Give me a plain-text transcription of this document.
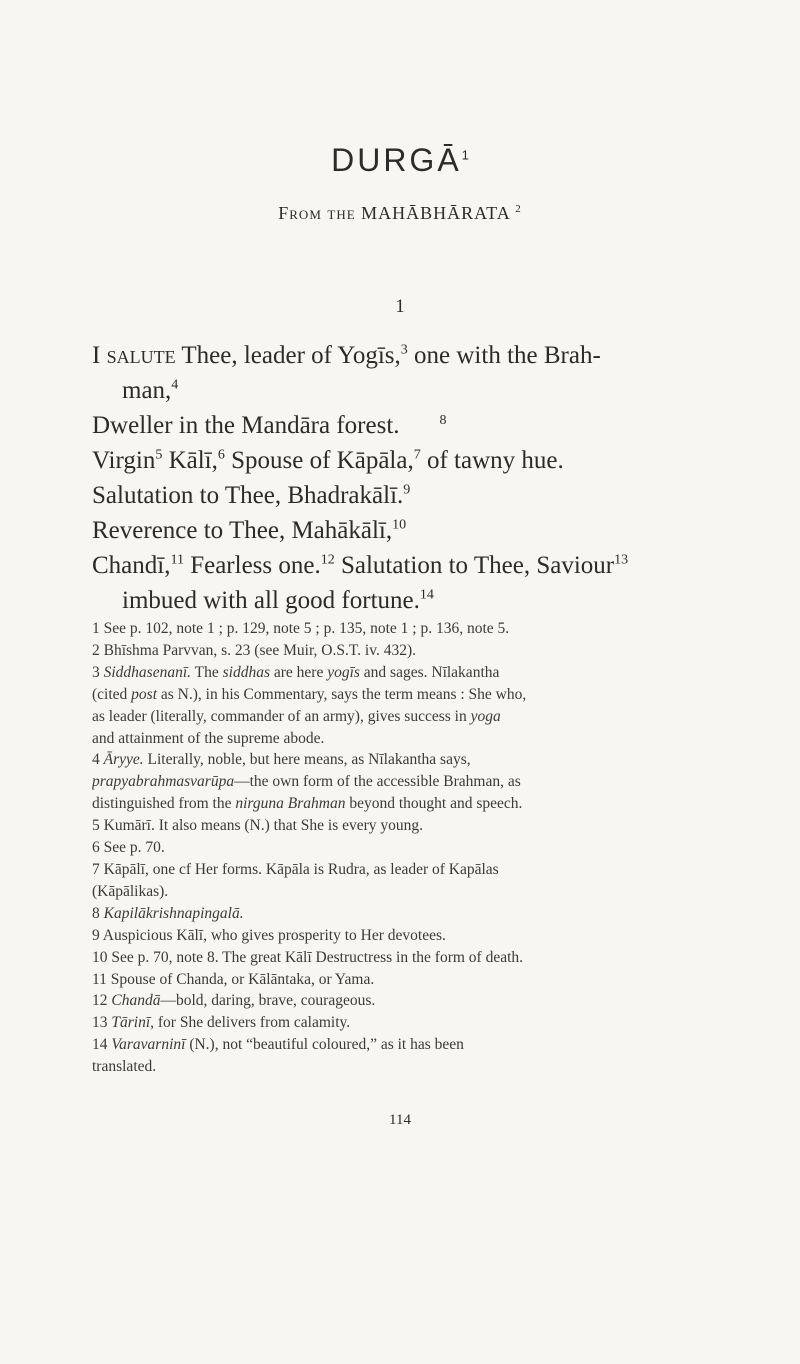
DURGĀ$^1$
From the MAHĀBHĀRATA $^2$
1
I salute Thee, leader of Yogīs,$^3$ one with the Brah-
man,$^4$
Dweller in the Mandāra forest.	$^8$
Virgin$^5$ Kālī,$^6$ Spouse of Kāpāla,$^7$ of tawny hue.
Salutation to Thee, Bhadrakālī.$^9$
Reverence to Thee, Mahākālī,$^{10}$
Chandī,$^{11}$ Fearless one.$^{12}$ Salutation to Thee, Saviour$^{13}$
imbued with all good fortune.$^{14}$
1 See p. 102, note 1 ; p. 129, note 5 ; p. 135, note 1 ; p. 136, note 5.
2 Bhīshma Parvvan, s. 23 (see Muir, O.S.T. iv. 432).
3 Siddhasenanī. The siddhas are here yogīs and sages. Nīlakantha
(cited post as N.), in his Commentary, says the term means : She who,
as leader (literally, commander of an army), gives success in yoga
and attainment of the supreme abode.
4 Āryye. Literally, noble, but here means, as Nīlakantha says,
prapyabrahmasvarūpa—the own form of the accessible Brahman, as
distinguished from the nirguna Brahman beyond thought and speech.
5 Kumārī. It also means (N.) that She is every young.
6 See p. 70.
7 Kāpālī, one cf Her forms. Kāpāla is Rudra, as leader of Kapālas
(Kāpālikas).
8 Kapilākrishnapingalā.
9 Auspicious Kālī, who gives prosperity to Her devotees.
10 See p. 70, note 8. The great Kālī Destructress in the form of death.
11 Spouse of Chanda, or Kālāntaka, or Yama.
12 Chandā—bold, daring, brave, courageous.
13 Tārinī, for She delivers from calamity.
14 Varavarninī (N.), not “beautiful coloured,” as it has been
translated.
114
